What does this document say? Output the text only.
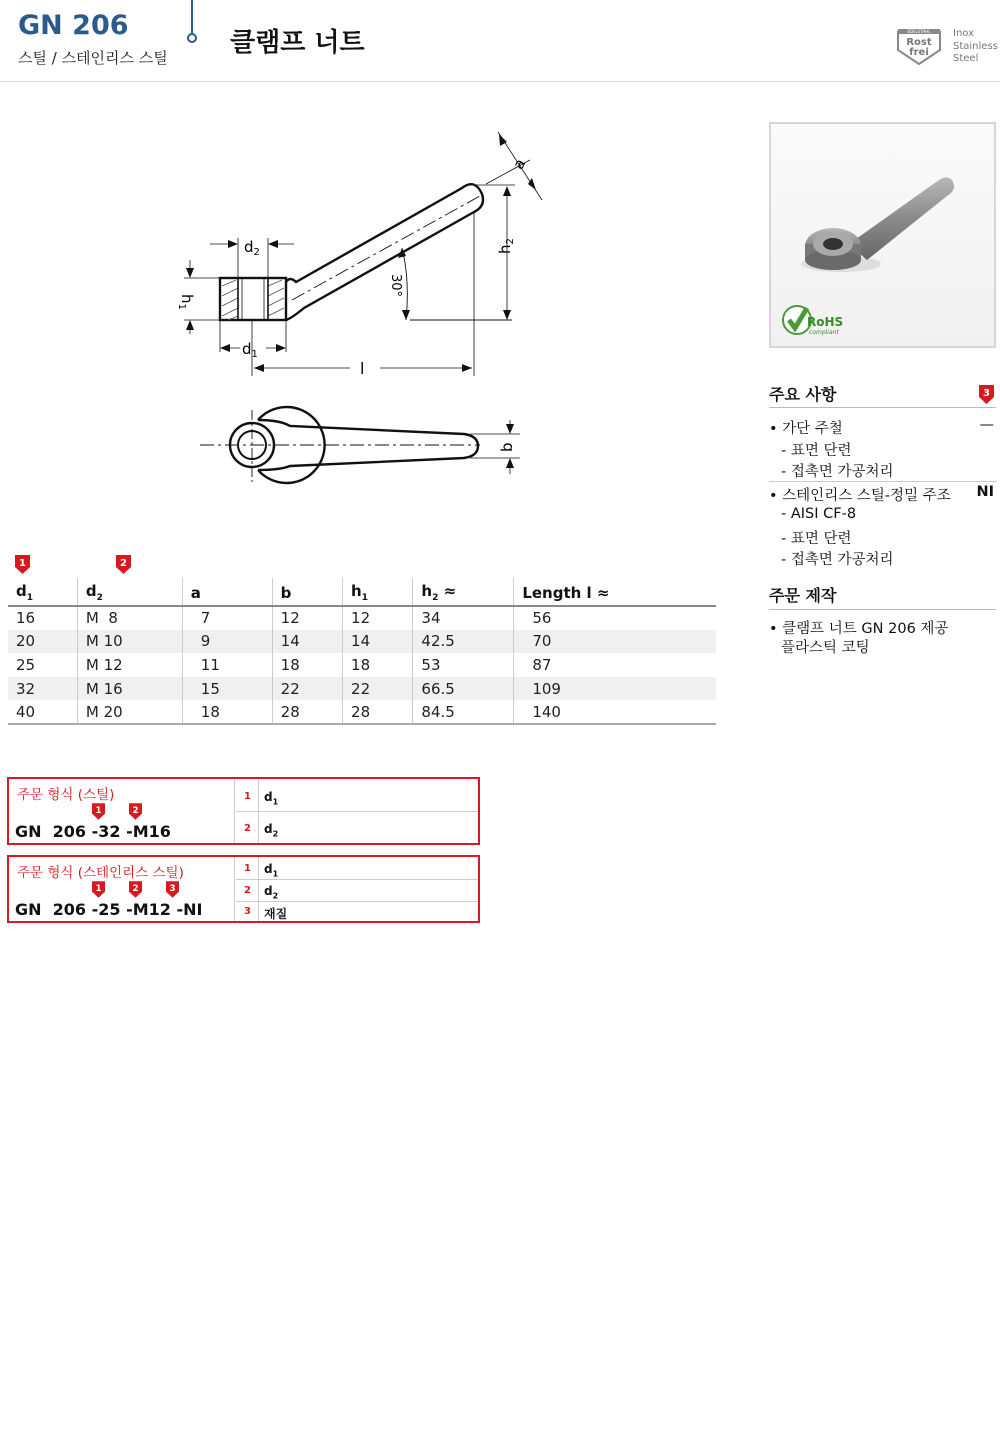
GN 206
스틸 / 스테인리스 스틸 클램프 너트	EDELSTAHL
Rost
frei
Inox
Stainless
Steel
30°
$h_2$
a
l
$d_1$
$d_2$
$h_1$
b
RoHS
compliant
주요 사항	3
• 가단 주철	—
- 표면 단련
- 접촉면 가공처리
• 스테인리스 스틸-정밀 주조 NI
- AISI CF-8
- 표면 단련
- 접촉면 가공처리
주문 제작
• 클램프 너트 GN 206 제공
플라스틱 코팅
1	2
$d_1$	$d_2$	a	b	$h_1$	$h_2$ ≈	Length l ≈
16	M  8	7	12	12	34	56
20	M 10	9	14	14	42.5	70
25	M 12	11	18	18	53	87
32	M 16	15	22	22	66.5	109
40	M 20	18	28	28	84.5	140
주문 형식 (스틸)
1	2
GN  206 -32 -M16
1 $d_1$
2 $d_2$
주문 형식 (스테인리스 스틸)
1	2	3
GN  206 -25 -M12 -NI
1 $d_1$
2 $d_2$
3 재질
